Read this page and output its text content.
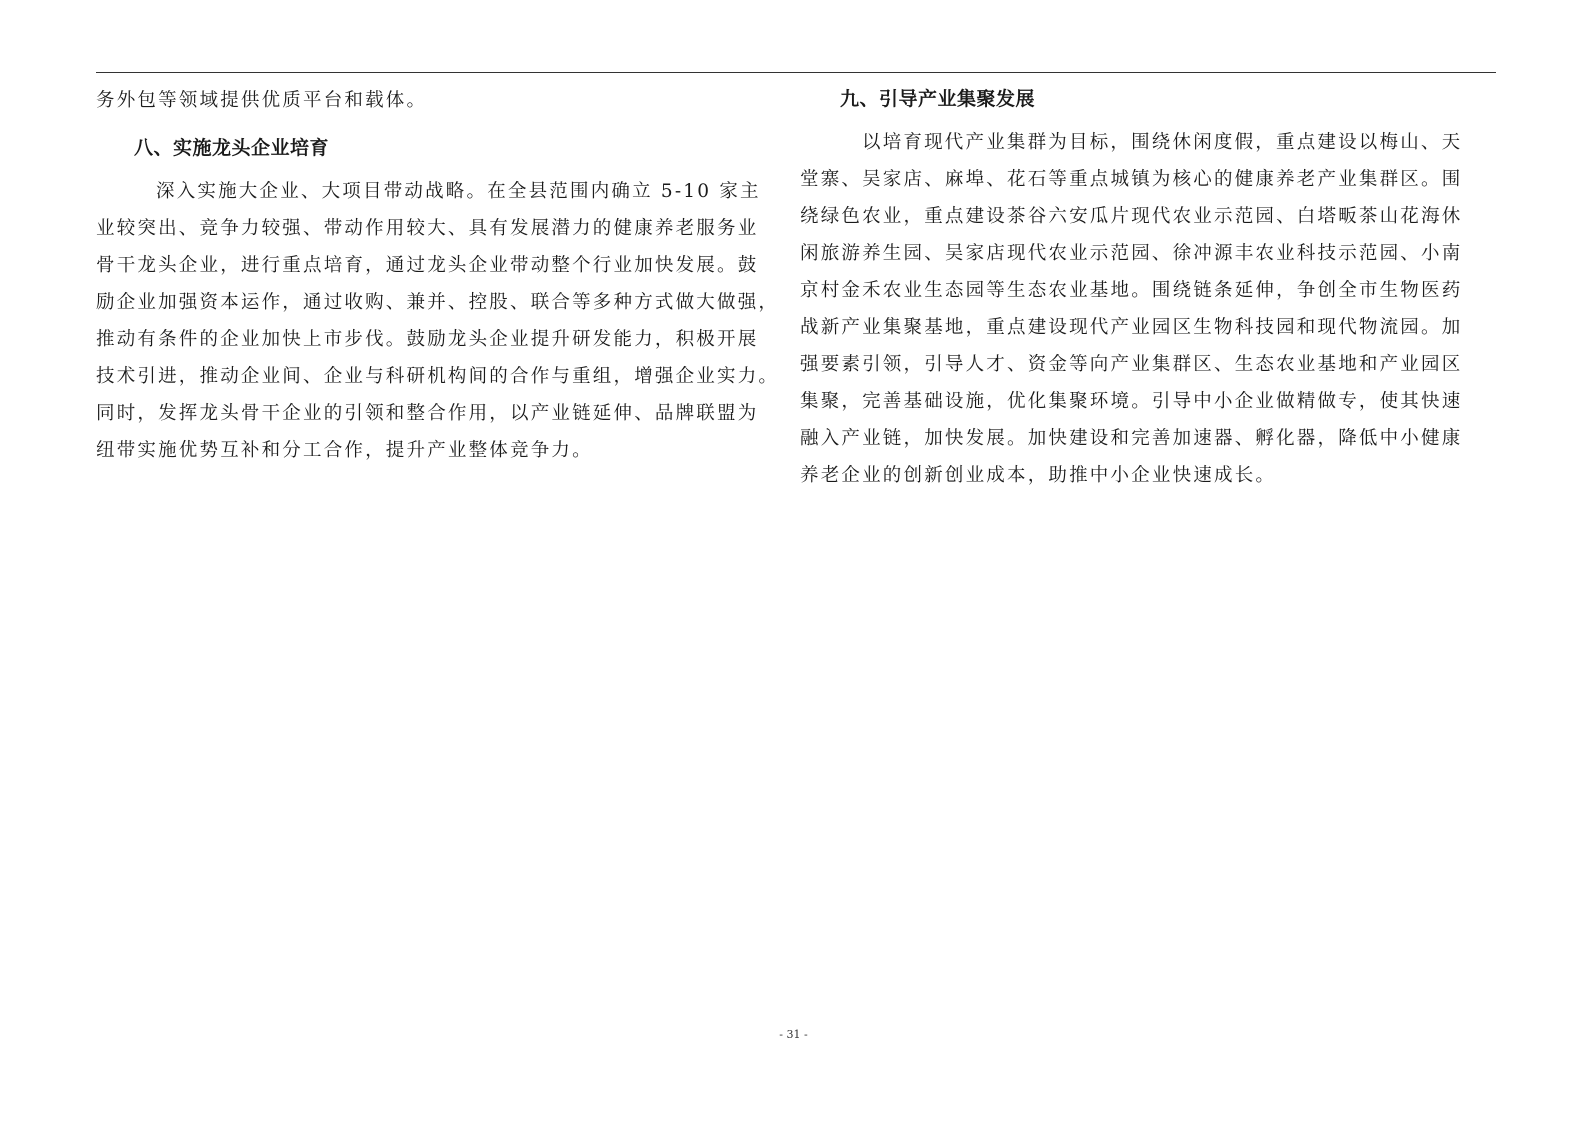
务外包等领域提供优质平台和载体。
八、实施龙头企业培育
深入实施大企业、大项目带动战略。在全县范围内确立 5-10 家主
业较突出、竞争力较强、带动作用较大、具有发展潜力的健康养老服务业
骨干龙头企业，进行重点培育，通过龙头企业带动整个行业加快发展。鼓
励企业加强资本运作，通过收购、兼并、控股、联合等多种方式做大做强，
推动有条件的企业加快上市步伐。鼓励龙头企业提升研发能力，积极开展
技术引进，推动企业间、企业与科研机构间的合作与重组，增强企业实力。
同时，发挥龙头骨干企业的引领和整合作用，以产业链延伸、品牌联盟为
纽带实施优势互补和分工合作，提升产业整体竞争力。
九、引导产业集聚发展
以培育现代产业集群为目标，围绕休闲度假，重点建设以梅山、天
堂寨、吴家店、麻埠、花石等重点城镇为核心的健康养老产业集群区。围
绕绿色农业，重点建设茶谷六安瓜片现代农业示范园、白塔畈茶山花海休
闲旅游养生园、吴家店现代农业示范园、徐冲源丰农业科技示范园、小南
京村金禾农业生态园等生态农业基地。围绕链条延伸，争创全市生物医药
战新产业集聚基地，重点建设现代产业园区生物科技园和现代物流园。加
强要素引领，引导人才、资金等向产业集群区、生态农业基地和产业园区
集聚，完善基础设施，优化集聚环境。引导中小企业做精做专，使其快速
融入产业链，加快发展。加快建设和完善加速器、孵化器，降低中小健康
养老企业的创新创业成本，助推中小企业快速成长。
- 31 -
